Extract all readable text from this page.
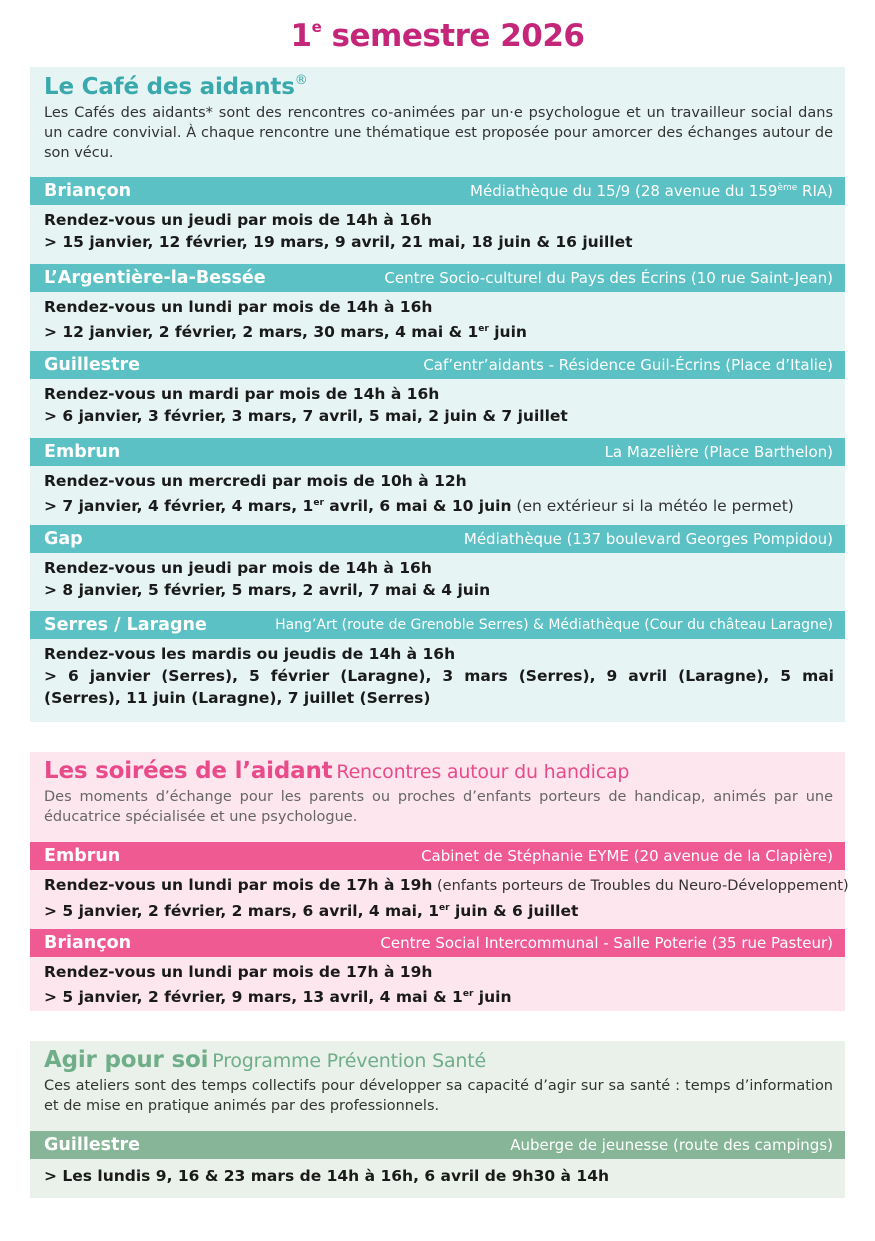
1e semestre 2026
Le Café des aidants®
Les Cafés des aidants* sont des rencontres co-animées par un·e psychologue et un travailleur social dans un cadre convivial. À chaque rencontre une thématique est proposée pour amorcer des échanges autour de son vécu.
Briançon	Médiathèque du 15/9 (28 avenue du 159ème RIA)
Rendez-vous un jeudi par mois de 14h à 16h
> 15 janvier, 12 février, 19 mars, 9 avril, 21 mai, 18 juin & 16 juillet
L’Argentière-la-Bessée	Centre Socio-culturel du Pays des Écrins (10 rue Saint-Jean)
Rendez-vous un lundi par mois de 14h à 16h
> 12 janvier, 2 février, 2 mars, 30 mars, 4 mai & 1er juin
Guillestre	Caf’entr’aidants - Résidence Guil-Écrins (Place d’Italie)
Rendez-vous un mardi par mois de 14h à 16h
> 6 janvier, 3 février, 3 mars, 7 avril, 5 mai, 2 juin & 7 juillet
Embrun	La Mazelière (Place Barthelon)
Rendez-vous un mercredi par mois de 10h à 12h
> 7 janvier, 4 février, 4 mars, 1er avril, 6 mai & 10 juin (en extérieur si la météo le permet)
Gap	Médiathèque (137 boulevard Georges Pompidou)
Rendez-vous un jeudi par mois de 14h à 16h
> 8 janvier, 5 février, 5 mars, 2 avril, 7 mai & 4 juin
Serres / Laragne	Hang’Art (route de Grenoble Serres) & Médiathèque (Cour du château Laragne)
Rendez-vous les mardis ou jeudis de 14h à 16h
> 6 janvier (Serres), 5 février (Laragne), 3 mars (Serres), 9 avril (Laragne), 5 mai (Serres), 11 juin (Laragne), 7 juillet (Serres)
Les soirées de l’aidant Rencontres autour du handicap
Des moments d’échange pour les parents ou proches d’enfants porteurs de handicap, animés par une éducatrice spécialisée et une psychologue.
Embrun	Cabinet de Stéphanie EYME (20 avenue de la Clapière)
Rendez-vous un lundi par mois de 17h à 19h (enfants porteurs de Troubles du Neuro-Développement)
> 5 janvier, 2 février, 2 mars, 6 avril, 4 mai, 1er juin & 6 juillet
Briançon	Centre Social Intercommunal - Salle Poterie (35 rue Pasteur)
Rendez-vous un lundi par mois de 17h à 19h
> 5 janvier, 2 février, 9 mars, 13 avril, 4 mai & 1er juin
Agir pour soi Programme Prévention Santé
Ces ateliers sont des temps collectifs pour développer sa capacité d’agir sur sa santé : temps d’information et de mise en pratique animés par des professionnels.
Guillestre	Auberge de jeunesse (route des campings)
> Les lundis 9, 16 & 23 mars de 14h à 16h, 6 avril de 9h30 à 14h
